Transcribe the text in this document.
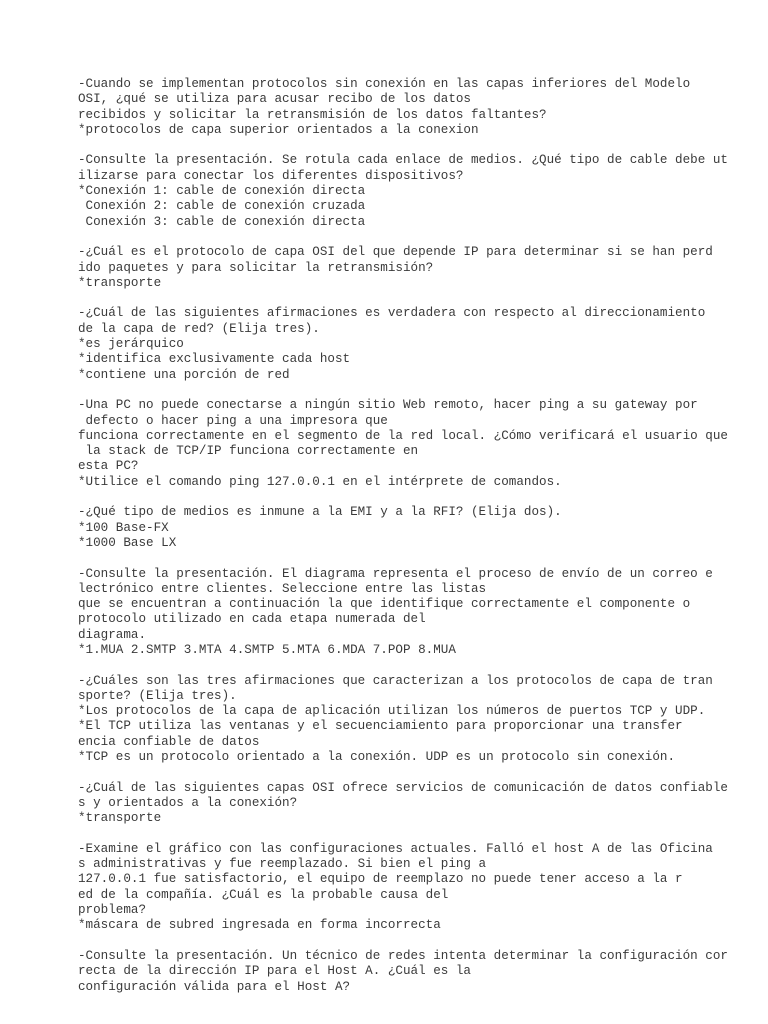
-Cuando se implementan protocolos sin conexión en las capas inferiores del Modelo
OSI, ¿qué se utiliza para acusar recibo de los datos
recibidos y solicitar la retransmisión de los datos faltantes?
*protocolos de capa superior orientados a la conexion
-Consulte la presentación. Se rotula cada enlace de medios. ¿Qué tipo de cable debe ut
ilizarse para conectar los diferentes dispositivos?
*Conexión 1: cable de conexión directa
Conexión 2: cable de conexión cruzada
Conexión 3: cable de conexión directa
-¿Cuál es el protocolo de capa OSI del que depende IP para determinar si se han perd
ido paquetes y para solicitar la retransmisión?
*transporte
-¿Cuál de las siguientes afirmaciones es verdadera con respecto al direccionamiento
de la capa de red? (Elija tres).
*es jerárquico
*identifica exclusivamente cada host
*contiene una porción de red
-Una PC no puede conectarse a ningún sitio Web remoto, hacer ping a su gateway por
defecto o hacer ping a una impresora que
funciona correctamente en el segmento de la red local. ¿Cómo verificará el usuario que
la stack de TCP/IP funciona correctamente en
esta PC?
*Utilice el comando ping 127.0.0.1 en el intérprete de comandos.
-¿Qué tipo de medios es inmune a la EMI y a la RFI? (Elija dos).
*100 Base-FX
*1000 Base LX
-Consulte la presentación. El diagrama representa el proceso de envío de un correo e
lectrónico entre clientes. Seleccione entre las listas
que se encuentran a continuación la que identifique correctamente el componente o
protocolo utilizado en cada etapa numerada del
diagrama.
*1.MUA 2.SMTP 3.MTA 4.SMTP 5.MTA 6.MDA 7.POP 8.MUA
-¿Cuáles son las tres afirmaciones que caracterizan a los protocolos de capa de tran
sporte? (Elija tres).
*Los protocolos de la capa de aplicación utilizan los números de puertos TCP y UDP.
*El TCP utiliza las ventanas y el secuenciamiento para proporcionar una transfer
encia confiable de datos
*TCP es un protocolo orientado a la conexión. UDP es un protocolo sin conexión.
-¿Cuál de las siguientes capas OSI ofrece servicios de comunicación de datos confiable
s y orientados a la conexión?
*transporte
-Examine el gráfico con las configuraciones actuales. Falló el host A de las Oficina
s administrativas y fue reemplazado. Si bien el ping a
127.0.0.1 fue satisfactorio, el equipo de reemplazo no puede tener acceso a la r
ed de la compañía. ¿Cuál es la probable causa del
problema?
*máscara de subred ingresada en forma incorrecta
-Consulte la presentación. Un técnico de redes intenta determinar la configuración cor
recta de la dirección IP para el Host A. ¿Cuál es la
configuración válida para el Host A?
